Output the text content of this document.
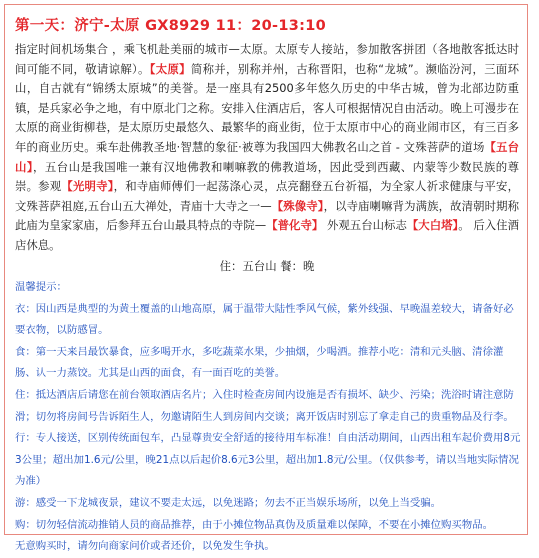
第一天：济宁-太原 GX8929 11：20-13:10
指定时间机场集合 ，乘飞机赴美丽的城市—太原。太原专人接站，参加散客拼团（各地散客抵达时间可能不同，敬请谅解）。【太原】简称并，别称并州，古称晋阳，也称“龙城”。濒临汾河，三面环山，自古就有“锦绣太原城”的美誉。是一座具有2500多年悠久历史的中华古城，曾为北部边防重镇，是兵家必争之地，有中原北门之称。安排入住酒店后，客人可根据情况自由活动。晚上可漫步在太原的商业街柳巷，是太原历史最悠久、最繁华的商业街，位于太原市中心的商业闹市区，有三百多年的商业历史。乘车赴佛教圣地·智慧的象征·被尊为我国四大佛教名山之首 - 文殊菩萨的道场【五台山】，五台山是我国唯一兼有汉地佛教和喇嘛教的佛教道场，因此受到西藏、内蒙等少数民族的尊崇。参观【光明寺】，和寺庙师傅们一起荡涤心灵，点亮翻登五台祈福，为全家人祈求健康与平安，文殊菩萨祖庭,五台山五大禅处，青庙十大寺之一—【殊像寺】，以寺庙喇嘛背为满族，故清朝时期称此庙为皇家家庙，后参拜五台山最具特点的寺院—【普化寺】 外观五台山标志【大白塔】。 后入住酒店休息。
住：五台山 餐：晚

温馨提示：

衣：因山西是典型的为黄土覆盖的山地高原，属于温带大陆性季风气候，紫外线强、早晚温差较大，请备好必要衣物，以防感冒。

食：第一天来吕最饮暴食，应多喝开水，多吃蔬菜水果，少抽烟，少喝酒。推荐小吃：清和元头脑、清徐灌肠、认一力蒸饺。尤其是山西的面食，有一面百吃的美誉。

住：抵达酒店后请您在前台领取酒店名片；入住时检查房间内设施是否有损坏、缺少、污染；洗浴时请注意防滑；切勿将房间号告诉陌生人，勿邀请陌生人到房间内交谈；离开饭店时别忘了拿走自己的贵重物品及行李。

行：专人接送，区别传统面包车，凸显尊贵安全舒适的接待用车标准！自由活动期间，山西出租车起价费用8元3公里；超出加1.6元/公里，晚21点以后起价8.6元3公里，超出加1.8元/公里。（仅供参考，请以当地实际情况为准）

游：感受一下龙城夜景，建议不要走太远，以免迷路；勿去不正当娱乐场所，以免上当受骗。

购：切勿轻信流动推销人员的商品推荐，由于小摊位物品真伪及质量难以保障，不要在小摊位购买物品。

无意购买时，请勿向商家问价或者还价，以免发生争执。
